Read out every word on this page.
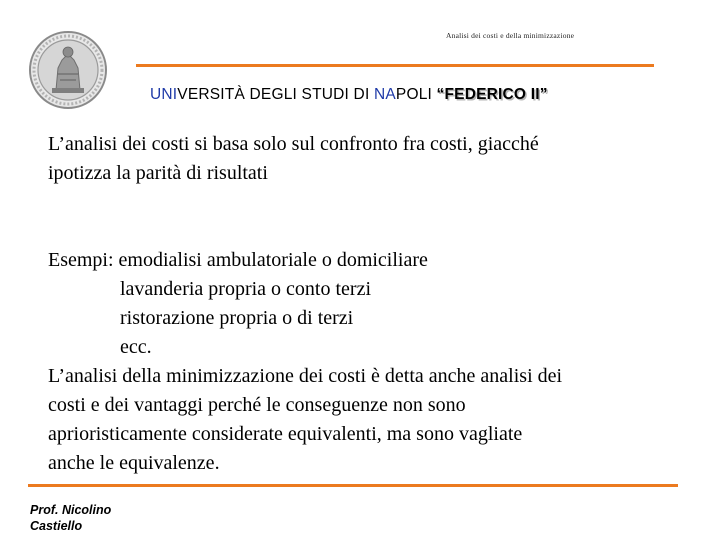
Analisi dei costi e della minimizzazione
UNIVERSITÀ DEGLI STUDI DI NAPOLI “FEDERICO II”

L’analisi dei costi si basa solo sul confronto fra costi, giacché

ipotizza la parità di risultati

Esempi: emodialisi ambulatoriale o domiciliare

lavanderia propria o conto terzi

ristorazione propria o di terzi

ecc.

L’analisi della minimizzazione dei costi è detta anche analisi dei

costi e dei vantaggi perché le conseguenze non sono

aprioristicamente considerate equivalenti, ma sono vagliate

anche le equivalenze.

Prof. Nicolino
Castiello
